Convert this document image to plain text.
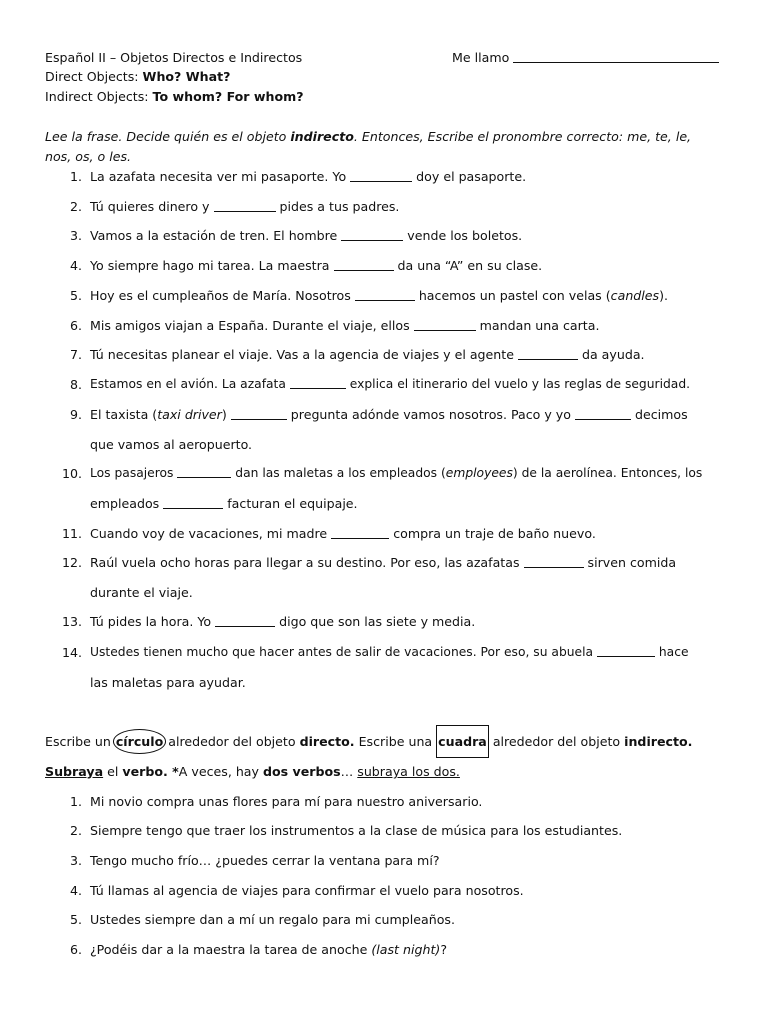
Español II – Objetos Directos e Indirectos	Me llamo
Direct Objects: Who? What?
Indirect Objects: To whom? For whom?
Lee la frase. Decide quién es el objeto indirecto. Entonces, Escribe el pronombre correcto: me, te, le,
nos, os, o les.
1. La azafata necesita ver mi pasaporte. Yo	doy el pasaporte.
2. Tú quieres dinero y	pides a tus padres.
3. Vamos a la estación de tren. El hombre	vende los boletos.
4. Yo siempre hago mi tarea. La maestra	da una “A” en su clase.
5. Hoy es el cumpleaños de María. Nosotros	hacemos un pastel con velas (candles).
6. Mis amigos viajan a España. Durante el viaje, ellos	mandan una carta.
7. Tú necesitas planear el viaje. Vas a la agencia de viajes y el agente	da ayuda.
8. Estamos en el avión. La azafata	explica el itinerario del vuelo y las reglas de seguridad.
9. El taxista (taxi driver)	pregunta adónde vamos nosotros. Paco y yo	decimos
que vamos al aeropuerto.
10. Los pasajeros	dan las maletas a los empleados (employees) de la aerolínea. Entonces, los
empleados	facturan el equipaje.
11. Cuando voy de vacaciones, mi madre	compra un traje de baño nuevo.
12. Raúl vuela ocho horas para llegar a su destino. Por eso, las azafatas	sirven comida
durante el viaje.
13. Tú pides la hora. Yo	digo que son las siete y media.
14. Ustedes tienen mucho que hacer antes de salir de vacaciones. Por eso, su abuela	hace
las maletas para ayudar.
Escribe un círculo alrededor del objeto directo. Escribe una cuadra alrededor del objeto indirecto.
Subraya el verbo. *A veces, hay dos verbos… subraya los dos.
1. Mi novio compra unas flores para mí para nuestro aniversario.
2. Siempre tengo que traer los instrumentos a la clase de música para los estudiantes.
3. Tengo mucho frío… ¿puedes cerrar la ventana para mí?
4. Tú llamas al agencia de viajes para confirmar el vuelo para nosotros.
5. Ustedes siempre dan a mí un regalo para mi cumpleaños.
6. ¿Podéis dar a la maestra la tarea de anoche (last night)?
